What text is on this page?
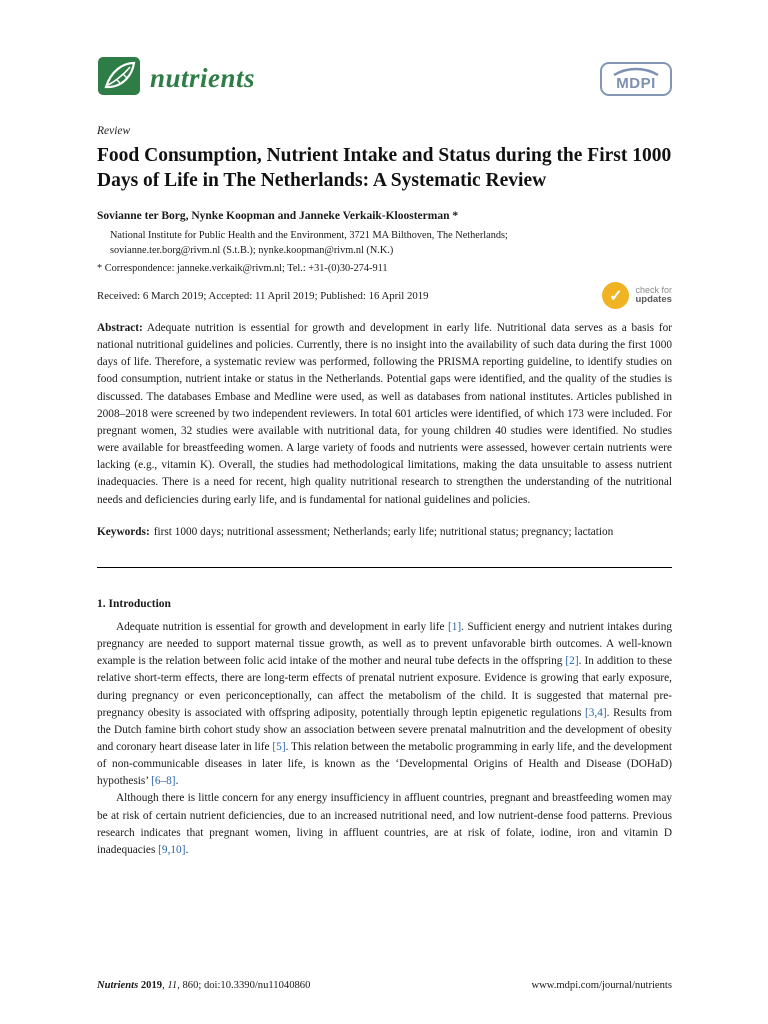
nutrients	MDPI
Review
Food Consumption, Nutrient Intake and Status during the First 1000 Days of Life in The Netherlands: A Systematic Review
Sovianne ter Borg, Nynke Koopman and Janneke Verkaik-Kloosterman *
National Institute for Public Health and the Environment, 3721 MA Bilthoven, The Netherlands;
sovianne.ter.borg@rivm.nl (S.t.B.); nynke.koopman@rivm.nl (N.K.)
* Correspondence: janneke.verkaik@rivm.nl; Tel.: +31-(0)30-274-911
Received: 6 March 2019; Accepted: 11 April 2019; Published: 16 April 2019	✓ check for
updates

Abstract: Adequate nutrition is essential for growth and development in early life. Nutritional data serves as a basis for national nutritional guidelines and policies. Currently, there is no insight into the availability of such data during the first 1000 days of life. Therefore, a systematic review was performed, following the PRISMA reporting guideline, to identify studies on food consumption, nutrient intake or status in the Netherlands. Potential gaps were identified, and the quality of the studies is discussed. The databases Embase and Medline were used, as well as databases from national institutes. Articles published in 2008–2018 were screened by two independent reviewers. In total 601 articles were identified, of which 173 were included. For pregnant women, 32 studies were available with nutritional data, for young children 40 studies were identified. No studies were available for breastfeeding women. A large variety of foods and nutrients were assessed, however certain nutrients were lacking (e.g., vitamin K). Overall, the studies had methodological limitations, making the data unsuitable to assess nutrient inadequacies. There is a need for recent, high quality nutritional research to strengthen the understanding of the nutritional needs and deficiencies during early life, and is fundamental for national guidelines and policies.

Keywords: first 1000 days; nutritional assessment; Netherlands; early life; nutritional status; pregnancy; lactation

1. Introduction

Adequate nutrition is essential for growth and development in early life [1]. Sufficient energy and nutrient intakes during pregnancy are needed to support maternal tissue growth, as well as to prevent unfavorable birth outcomes. A well-known example is the relation between folic acid intake of the mother and neural tube defects in the offspring [2]. In addition to these relative short-term effects, there are long-term effects of prenatal nutrient exposure. Evidence is growing that early exposure, during pregnancy or even periconceptionally, can affect the metabolism of the child. It is suggested that maternal pre-pregnancy obesity is associated with offspring adiposity, potentially through leptin epigenetic regulations [3,4]. Results from the Dutch famine birth cohort study show an association between severe prenatal malnutrition and the development of obesity and coronary heart disease later in life [5]. This relation between the metabolic programming in early life, and the development of non-communicable diseases in later life, is known as the ‘Developmental Origins of Health and Disease (DOHaD) hypothesis’ [6–8].

Although there is little concern for any energy insufficiency in affluent countries, pregnant and breastfeeding women may be at risk of certain nutrient deficiencies, due to an increased nutritional need, and low nutrient-dense food patterns. Previous research indicates that pregnant women, living in affluent countries, are at risk of folate, iodine, iron and vitamin D inadequacies [9,10].

Nutrients 2019, 11, 860; doi:10.3390/nu11040860	www.mdpi.com/journal/nutrients
